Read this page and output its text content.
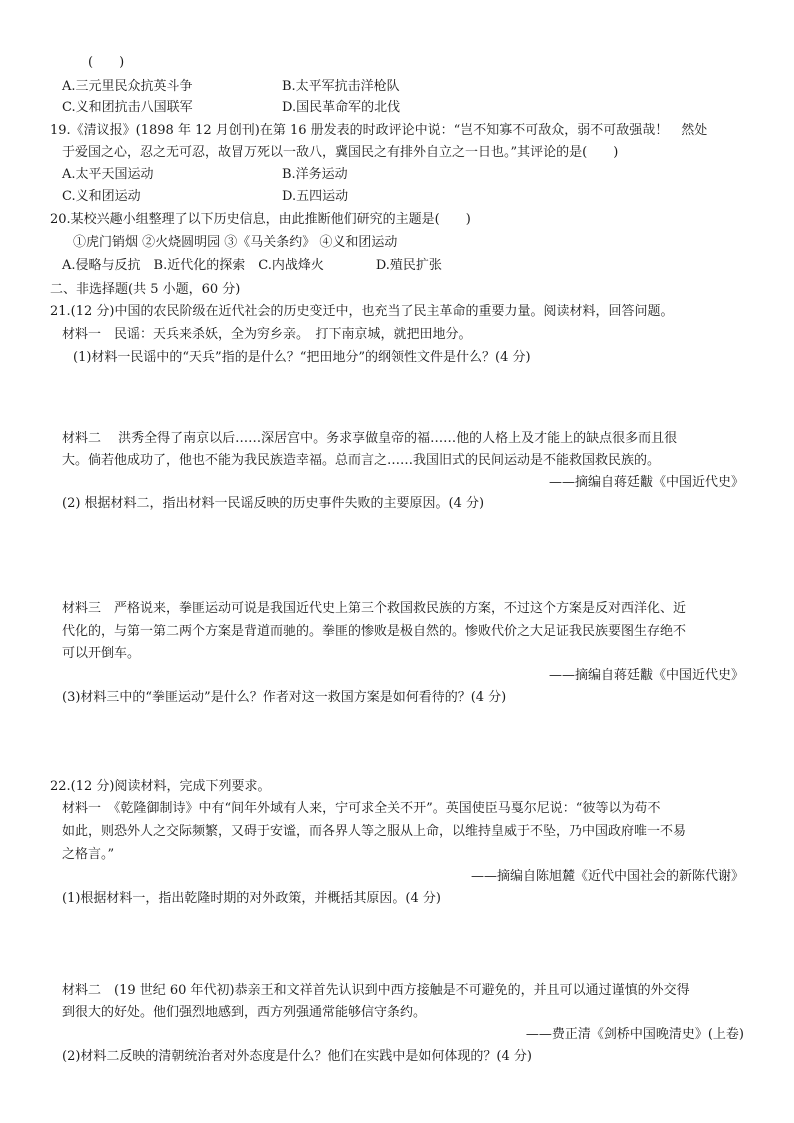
(　　)
A.三元里民众抗英斗争	B.太平军抗击洋枪队
C.义和团抗击八国联军	D.国民革命军的北伐
19.《清议报》(1898 年 12 月创刊)在第 16 册发表的时政评论中说：“岂不知寡不可敌众，弱不可敌强哉！　然处
于爱国之心，忍之无可忍，故冒万死以一敌八，冀国民之有排外自立之一日也。”其评论的是(　　)
A.太平天国运动	B.洋务运动
C.义和团运动	D.五四运动
20.某校兴趣小组整理了以下历史信息，由此推断他们研究的主题是(　　)
①虎门销烟 ②火烧圆明园 ③《马关条约》 ④义和团运动
A.侵略与反抗　B.近代化的探索　C.内战烽火　　　　D.殖民扩张
二、非选择题(共 5 小题，60 分)
21.(12 分)中国的农民阶级在近代社会的历史变迁中，也充当了民主革命的重要力量。阅读材料，回答问题。
材料一　民谣：天兵来杀妖，全为穷乡亲。　打下南京城，就把田地分。
(1)材料一民谣中的“天兵”指的是什么？“把田地分”的纲领性文件是什么？(4 分)
材料二　 洪秀全得了南京以后……深居宫中。务求享做皇帝的福……他的人格上及才能上的缺点很多而且很
大。倘若他成功了，他也不能为我民族造幸福。总而言之……我国旧式的民间运动是不能救国救民族的。
——摘编自蒋廷黻《中国近代史》
(2) 根据材料二，指出材料一民谣反映的历史事件失败的主要原因。(4 分)
材料三　严格说来，拳匪运动可说是我国近代史上第三个救国救民族的方案，不过这个方案是反对西洋化、近
代化的，与第一第二两个方案是背道而驰的。拳匪的惨败是极自然的。惨败代价之大足证我民族要图生存绝不
可以开倒车。
——摘编自蒋廷黻《中国近代史》
(3)材料三中的“拳匪运动”是什么？作者对这一救国方案是如何看待的？(4 分)
22.(12 分)阅读材料，完成下列要求。
材料一　《乾隆御制诗》中有“间年外域有人来，宁可求全关不开”。英国使臣马戛尔尼说：“彼等以为苟不
如此，则恐外人之交际频繁，又碍于安谧，而各界人等之服从上命，以维持皇威于不坠，乃中国政府唯一不易
之格言。”
——摘编自陈旭麓《近代中国社会的新陈代谢》
(1)根据材料一，指出乾隆时期的对外政策，并概括其原因。(4 分)
材料二　(19 世纪 60 年代初)恭亲王和文祥首先认识到中西方接触是不可避免的，并且可以通过谨慎的外交得
到很大的好处。他们强烈地感到，西方列强通常能够信守条约。
——费正清《剑桥中国晚清史》(上卷)
(2)材料二反映的清朝统治者对外态度是什么？他们在实践中是如何体现的？(4 分)
